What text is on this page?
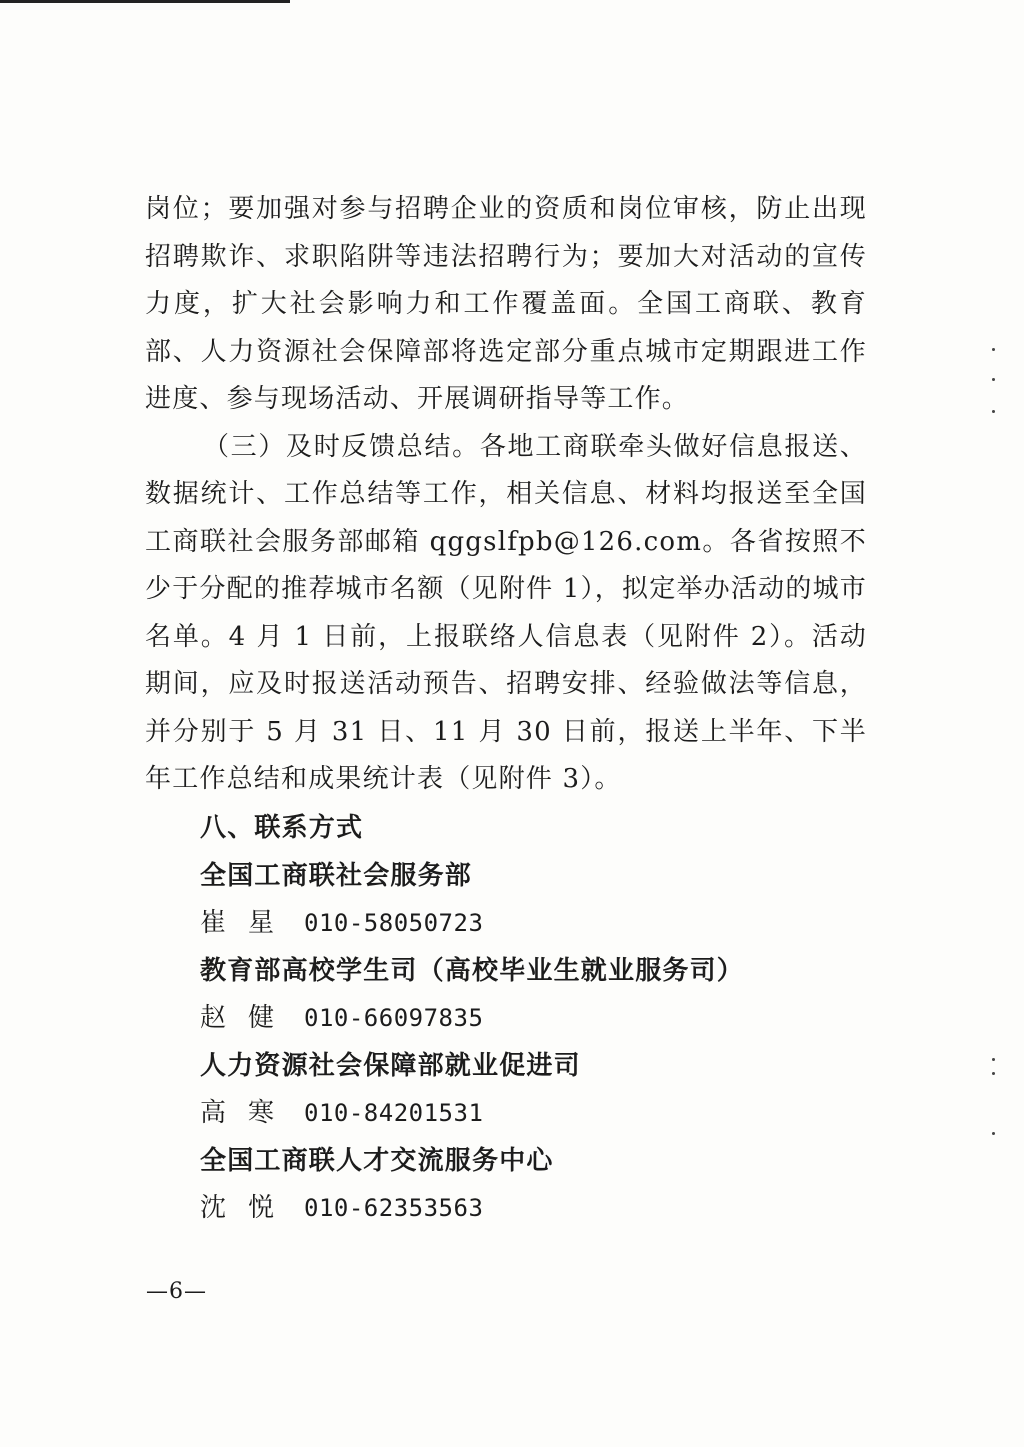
岗位；要加强对参与招聘企业的资质和岗位审核，防止出现招聘欺诈、求职陷阱等违法招聘行为；要加大对活动的宣传力度，扩大社会影响力和工作覆盖面。全国工商联、教育部、人力资源社会保障部将选定部分重点城市定期跟进工作进度、参与现场活动、开展调研指导等工作。

（三）及时反馈总结。各地工商联牵头做好信息报送、数据统计、工作总结等工作，相关信息、材料均报送至全国工商联社会服务部邮箱 qggslfpb@126.com。各省按照不少于分配的推荐城市名额（见附件 1），拟定举办活动的城市名单。4 月 1 日前，上报联络人信息表（见附件 2）。活动期间，应及时报送活动预告、招聘安排、经验做法等信息，并分别于 5 月 31 日、11 月 30 日前，报送上半年、下半年工作总结和成果统计表（见附件 3）。

八、联系方式
全国工商联社会服务部
崔星 010-58050723
教育部高校学生司（高校毕业生就业服务司）
赵健 010-66097835
人力资源社会保障部就业促进司
高寒 010-84201531
全国工商联人才交流服务中心
沈悦 010-62353563
—6—
